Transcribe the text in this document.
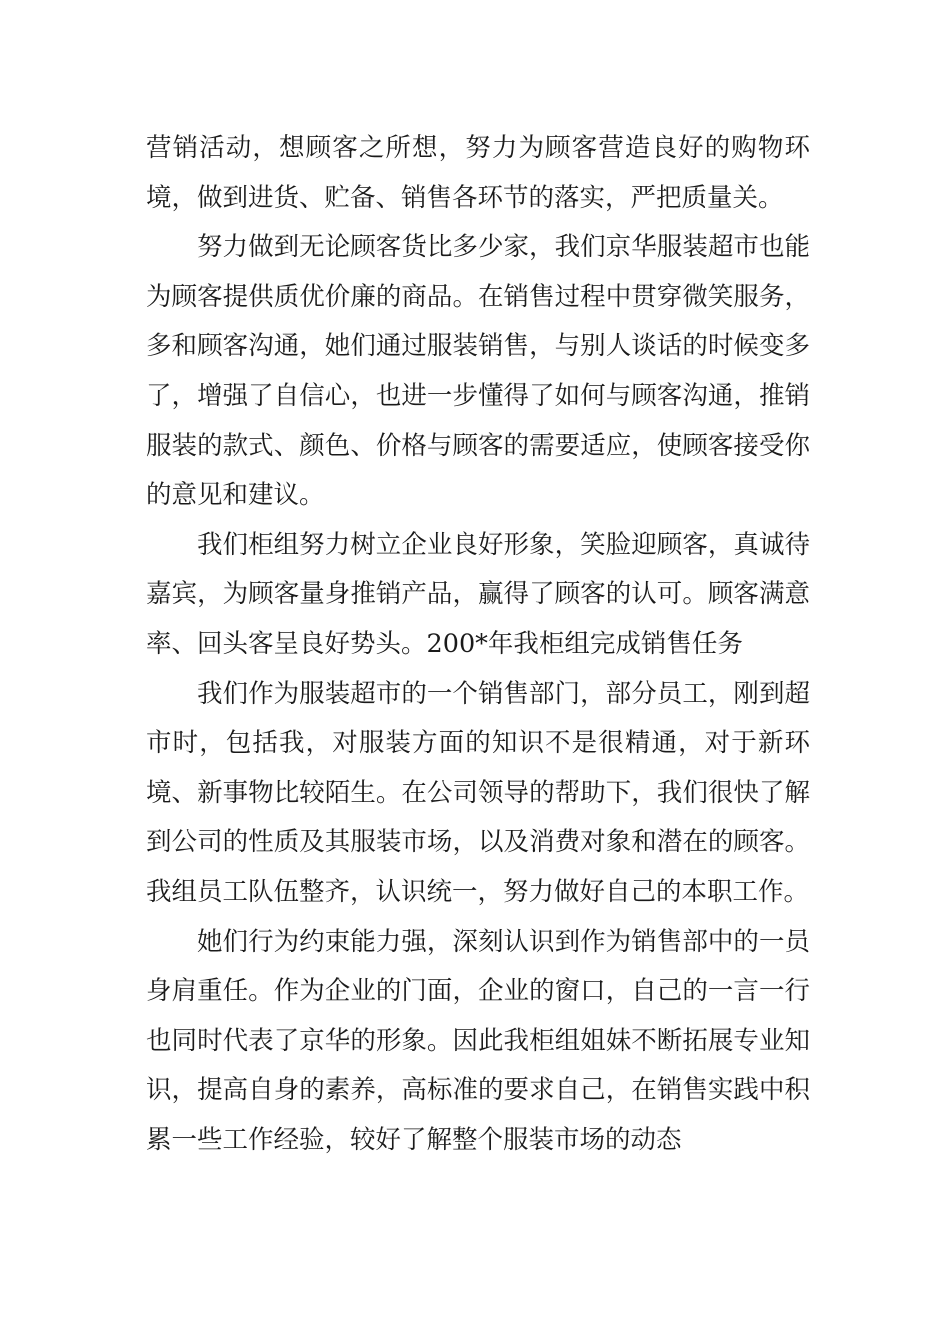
营销活动，想顾客之所想，努力为顾客营造良好的购物环境，做到进货、贮备、销售各环节的落实，严把质量关。

努力做到无论顾客货比多少家，我们京华服装超市也能为顾客提供质优价廉的商品。在销售过程中贯穿微笑服务，多和顾客沟通，她们通过服装销售，与别人谈话的时候变多了，增强了自信心，也进一步懂得了如何与顾客沟通，推销服装的款式、颜色、价格与顾客的需要适应，使顾客接受你的意见和建议。

我们柜组努力树立企业良好形象，笑脸迎顾客，真诚待嘉宾，为顾客量身推销产品，赢得了顾客的认可。顾客满意率、回头客呈良好势头。200*年我柜组完成销售任务

我们作为服装超市的一个销售部门，部分员工，刚到超市时，包括我，对服装方面的知识不是很精通，对于新环境、新事物比较陌生。在公司领导的帮助下，我们很快了解到公司的性质及其服装市场，以及消费对象和潜在的顾客。我组员工队伍整齐，认识统一，努力做好自己的本职工作。

她们行为约束能力强，深刻认识到作为销售部中的一员身肩重任。作为企业的门面，企业的窗口，自己的一言一行也同时代表了京华的形象。因此我柜组姐妹不断拓展专业知识，提高自身的素养，高标准的要求自己，在销售实践中积累一些工作经验，较好了解整个服装市场的动态
